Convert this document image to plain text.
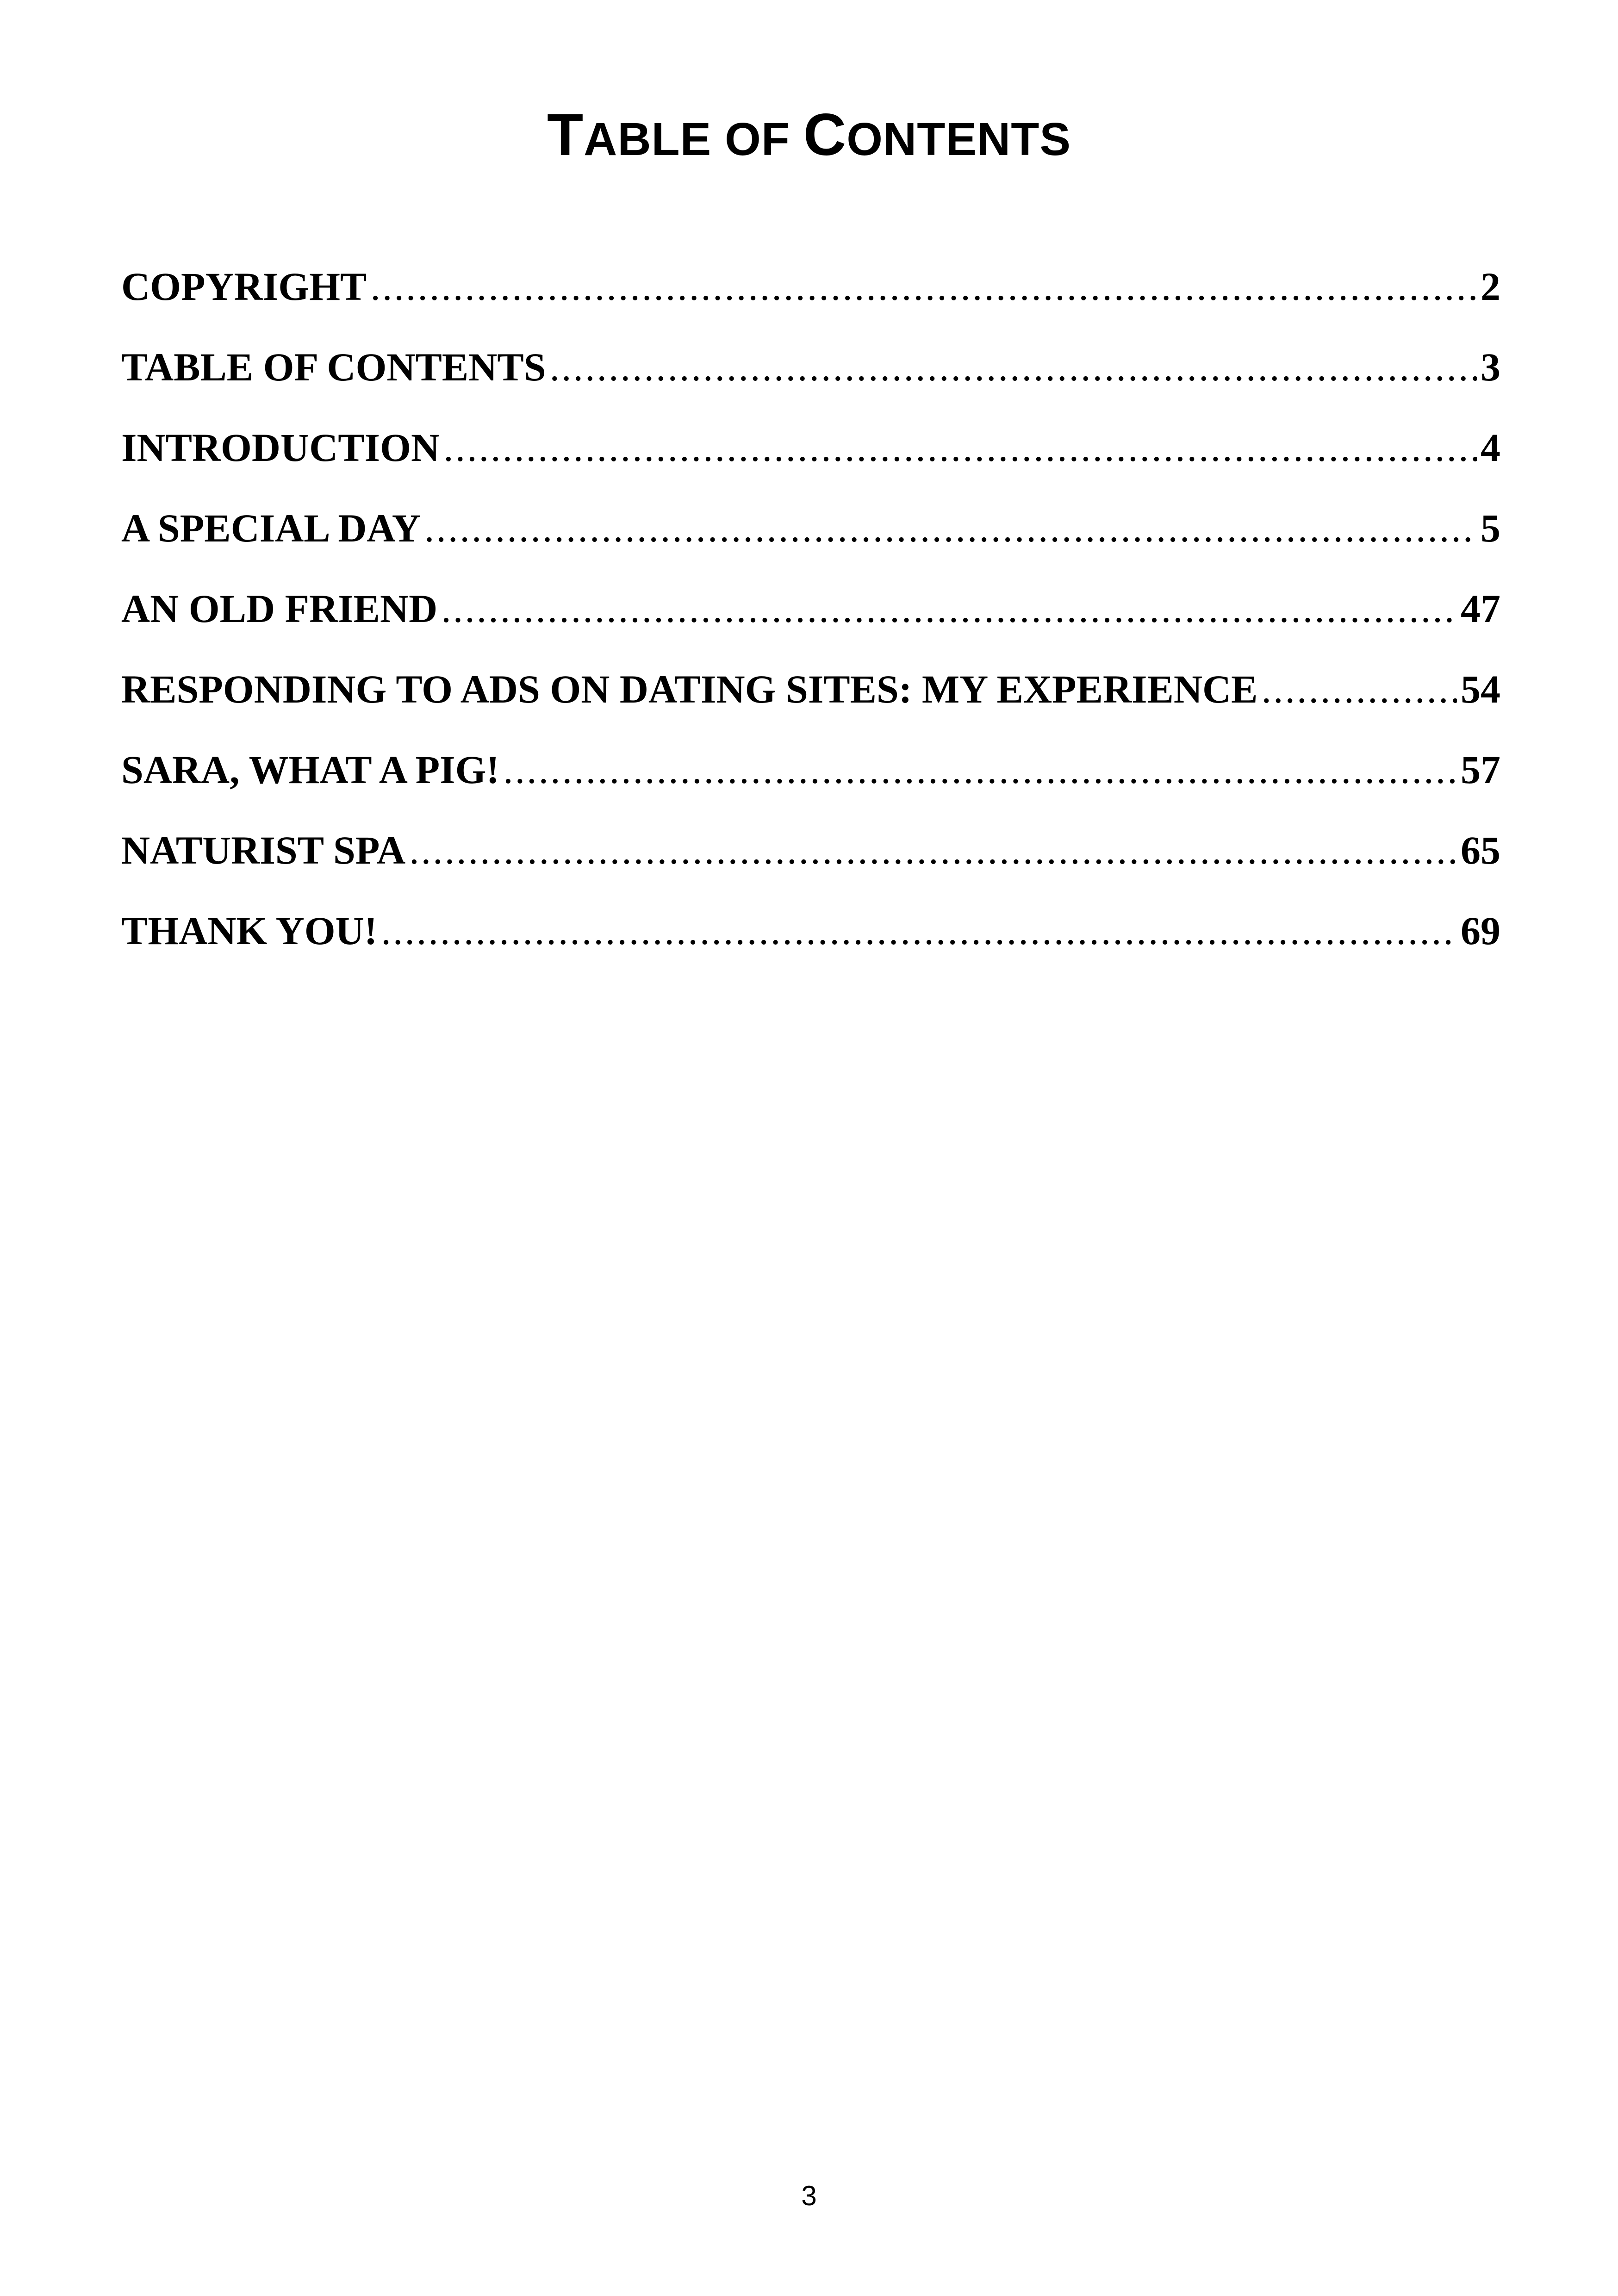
TABLE OF CONTENTS
COPYRIGHT .....	2
TABLE OF CONTENTS .....	3
INTRODUCTION .....	4
A SPECIAL DAY .....	5
AN OLD FRIEND .....	47
RESPONDING TO ADS ON DATING SITES: MY EXPERIENCE .....	54
SARA, WHAT A PIG! .....	57
NATURIST SPA .....	65
THANK YOU! .....	69
3
